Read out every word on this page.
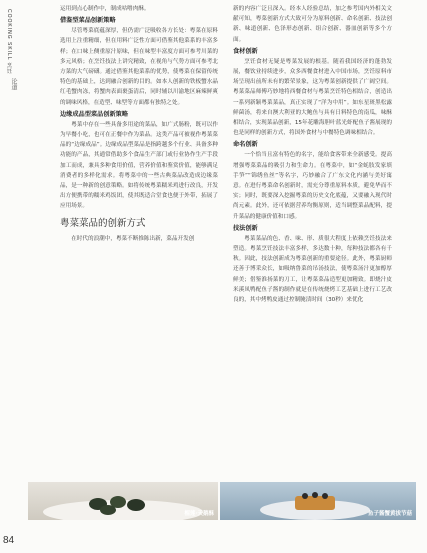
COOKING SKILL 烹饪
论道

运用到点心制作中，制成咕噜肉酥。

借鉴型菜品创新策略

尽管粤菜底蕴深厚，但仍需广泛吸收各方长处：粤菜在原料选用上注重精细，但在用料广泛性方面可借鉴其他菜系的丰富多样；在口味上侧重原汁原味，但在味型丰富度方面可参考川菜的多元风格；在烹饪技法上讲究精致，在视角与气势方面可参考北方菜的大气磅礴。通过借鉴其他菜系的优势，使粤菜在保留传统特色的基础上，达到融合创新的目的。如本人创新的铁板蟹水晶红毛蟹肉冻，将蟹肉表面裹蛋清后，同时辅以川渝地区麻辣鲜爽的调味风格，在造型、味型等方面都有独特之处。

边缘成品型菜品创新策略

粤菜中存在一些具备多用途的菜品，如广式肠粉，既可以作为早餐小吃，也可在正餐中作为菜品。这类产品可被视作粤菜菜品的“边缘成品”。边缘成品型菜品是指跨越多个行业、具备多种功能的产品，其通常借助多个食品生产部门或行业协作生产手段加工而成，兼具多种食用价值，营养价值和鉴赏价值，能够满足消费者的多样化需求。将粤菜中的一些古典菜品改造成边缘菜品，是一种新的创意策略。如将传统粤菜糯米鸡进行改良，开发出方便携带的糯米鸡饭团，使其既适合堂食也便于外带，拓展了应用场景。

粤菜菜品的创新方式

在时代的浪潮中，粤菜不断推陈出新，菜品开发创

新的内容广泛且深入。经本人经验总结，加之参考国内外相关文献可知，粤菜创新方式大致可分为原料创新、命名创新、技法创新、味道创新、色泽形态创新、组合创新、器皿创新等多个方面。

食材创新

烹饪食材无疑是粤菜发展的根基。随着我国经济的蓬勃发展，餐饮业持续进步，众多西餐食材进入中国市场，烹饪原料市场呈现出前所未有的繁荣景象，这为粤菜创新提供了广阔空间。粤菜菜品师傅巧妙地将西餐食材与粤菜烹饪特色相结合，创造出一系列新颖粤菜菜品，真正实现了“洋为中用”。如东星斑黑松露鲜菌汤，将来自澳大利亚的大鲍鱼与具有日料特色的南瓜，味酥相结合，实现菜品创新，15年花雕海胆叶蓝光虾配鱼子酱展现的也是同样的创新方式，将国外食材与中餐特色调味相结合。

命名创新

一个恰当且富有特色的名字，能给食客带来全新感受。提高增强粤菜菜品的吸引力和生命力。在粤菜中，如“金蚝肢发家填手笋”“锦绣鱼丝”等名字，巧妙融合了广东文化内涵与美好寓意。在进行粤菜命名创新时，需充分尊重原料本质，避免华而不实；同时，既要深入挖掘粤菜的历史文化底蕴，又要融入现代时尚元素。此外，还可依据营养均衡原则，适当调整菜品配料，提升菜品的健康价值和口感。

技法创新

粤菜菜品的色、香、味、形、质很大程度上依赖烹饪技法来塑造。粤菜烹饪技法丰富多样，多达数十种，每种技法都各有千秋。因此，技法创新成为粤菜创新的重要途径。此外，粤菜厨师还善于博采众长，如吸纳鲁菜的吊汤技法，使粤菜汤汁更加醇厚鲜美；借鉴淮扬菜的刀工，让粤菜菜品造型更加精致。即烧汁皮米溪凤鸭配鱼子酱的制作就是在传统烧烤工艺基础上进行工艺改良的，其中烤鸭皮通过控制腌渍时间（30秒）来优化

榴莲·天鹅酥	鱼子酱蟹黄拔节菇
84
